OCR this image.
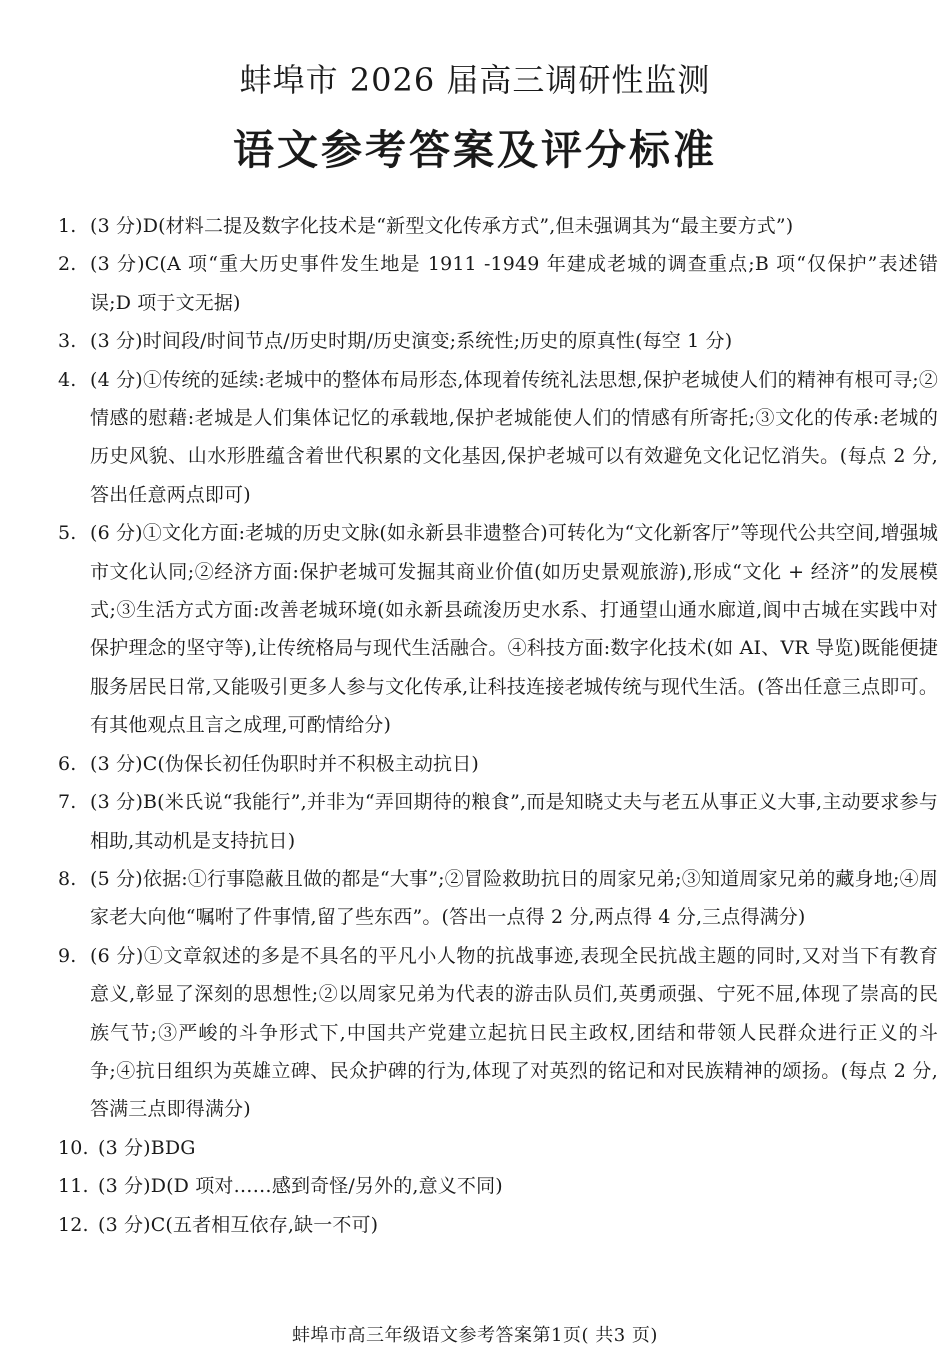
蚌埠市 2026 届高三调研性监测
语文参考答案及评分标准
1. (3 分)D(材料二提及数字化技术是“新型文化传承方式”,但未强调其为“最主要方式”)
2. (3 分)C(A 项“重大历史事件发生地是 1911 -1949 年建成老城的调查重点;B 项“仅保护”表述错误;D 项于文无据)
3. (3 分)时间段/时间节点/历史时期/历史演变;系统性;历史的原真性(每空 1 分)
4. (4 分)①传统的延续:老城中的整体布局形态,体现着传统礼法思想,保护老城使人们的精神有根可寻;②情感的慰藉:老城是人们集体记忆的承载地,保护老城能使人们的情感有所寄托;③文化的传承:老城的历史风貌、山水形胜蕴含着世代积累的文化基因,保护老城可以有效避免文化记忆消失。(每点 2 分,答出任意两点即可)
5. (6 分)①文化方面:老城的历史文脉(如永新县非遗整合)可转化为“文化新客厅”等现代公共空间,增强城市文化认同;②经济方面:保护老城可发掘其商业价值(如历史景观旅游),形成“文化 + 经济”的发展模式;③生活方式方面:改善老城环境(如永新县疏浚历史水系、打通望山通水廊道,阆中古城在实践中对保护理念的坚守等),让传统格局与现代生活融合。④科技方面:数字化技术(如 AI、VR 导览)既能便捷服务居民日常,又能吸引更多人参与文化传承,让科技连接老城传统与现代生活。(答出任意三点即可。有其他观点且言之成理,可酌情给分)
6. (3 分)C(伪保长初任伪职时并不积极主动抗日)
7. (3 分)B(米氏说“我能行”,并非为“弄回期待的粮食”,而是知晓丈夫与老五从事正义大事,主动要求参与相助,其动机是支持抗日)
8. (5 分)依据:①行事隐蔽且做的都是“大事”;②冒险救助抗日的周家兄弟;③知道周家兄弟的藏身地;④周家老大向他“嘱咐了件事情,留了些东西”。(答出一点得 2 分,两点得 4 分,三点得满分)
9. (6 分)①文章叙述的多是不具名的平凡小人物的抗战事迹,表现全民抗战主题的同时,又对当下有教育意义,彰显了深刻的思想性;②以周家兄弟为代表的游击队员们,英勇顽强、宁死不屈,体现了崇高的民族气节;③严峻的斗争形式下,中国共产党建立起抗日民主政权,团结和带领人民群众进行正义的斗争;④抗日组织为英雄立碑、民众护碑的行为,体现了对英烈的铭记和对民族精神的颂扬。(每点 2 分,答满三点即得满分)
10. (3 分)BDG
11. (3 分)D(D 项对……感到奇怪/另外的,意义不同)
12. (3 分)C(五者相互依存,缺一不可)
蚌埠市高三年级语文参考答案第1页( 共3 页)
